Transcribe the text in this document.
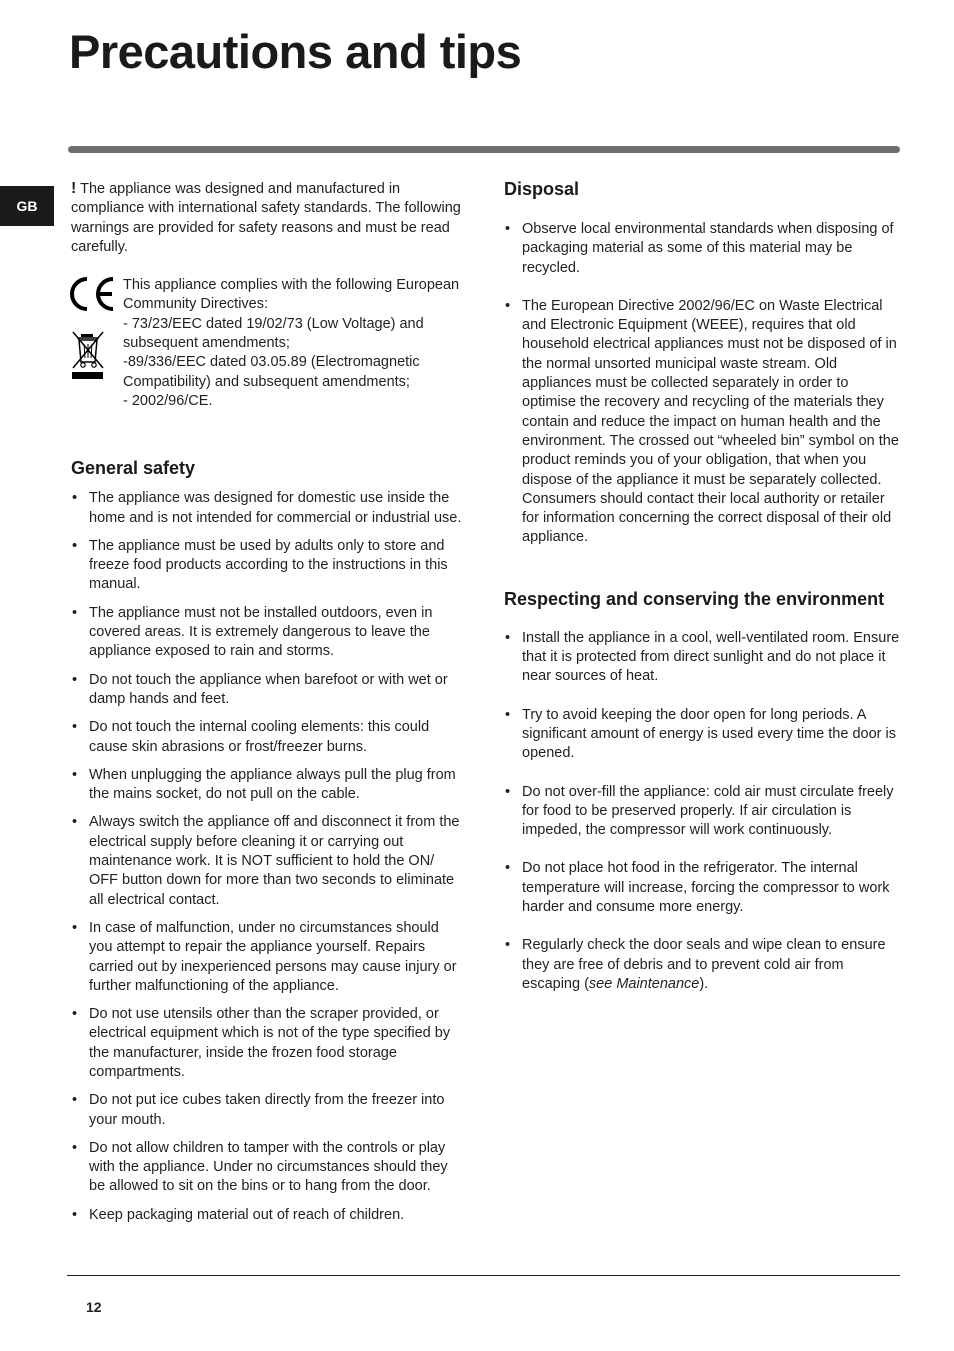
Precautions and tips
GB

! The appliance was designed and manufactured in compliance with international safety standards. The following warnings are provided for safety reasons and must be read carefully.

This appliance complies with the following European Community Directives:
- 73/23/EEC dated 19/02/73 (Low Voltage) and subsequent amendments;
-89/336/EEC dated 03.05.89 (Electromagnetic Compatibility) and subsequent amendments;
- 2002/96/CE.
General safety
• The appliance was designed for domestic use inside the home and is not intended for commercial or industrial use.
• The appliance must be used by adults only to store and freeze food products according to the instructions in this manual.
• The appliance must not be installed outdoors, even in covered areas. It is extremely dangerous to leave the appliance exposed to rain and storms.
• Do not touch the appliance when barefoot or with wet or damp hands and feet.
• Do not touch the internal cooling elements: this could cause skin abrasions or frost/freezer burns.
• When unplugging the appliance always pull the plug from the mains socket, do not pull on the cable.
• Always switch the appliance off and disconnect it from the electrical supply before cleaning it or carrying out maintenance work. It is NOT sufficient to hold the ON/ OFF button down for more than two seconds to eliminate all electrical contact.
• In case of malfunction, under no circumstances should you attempt to repair the appliance yourself. Repairs carried out by inexperienced persons may cause injury or further malfunctioning of the appliance.
• Do not use utensils other than the scraper provided, or electrical equipment which is not of the type specified by the manufacturer, inside the frozen food storage compartments.
• Do not put ice cubes taken directly from the freezer into your mouth.
• Do not allow children to tamper with the controls or play with the appliance. Under no circumstances should they be allowed to sit on the bins or to hang from the door.
• Keep packaging material out of reach of children.
Disposal
• Observe local environmental standards when disposing of packaging material as some of this material may be recycled.
• The European Directive 2002/96/EC on Waste Electrical and Electronic Equipment (WEEE), requires that old household electrical appliances must not be disposed of in the normal unsorted municipal waste stream. Old appliances must be collected separately in order to optimise the recovery and recycling of the materials they contain and reduce the impact on human health and the environment. The crossed out “wheeled bin” symbol on the product reminds you of your obligation, that when you dispose of the appliance it must be separately collected.
Consumers should contact their local authority or retailer for information concerning the correct disposal of their old appliance.
Respecting and conserving the environment
• Install the appliance in a cool, well-ventilated room. Ensure that it is protected from direct sunlight and do not place it near sources of heat.
• Try to avoid keeping the door open for long periods. A significant amount of energy is used every time the door is opened.
• Do not over-fill the appliance: cold air must circulate freely for food to be preserved properly. If air circulation is impeded, the compressor will work continuously.
• Do not place hot food in the refrigerator. The internal temperature will increase, forcing the compressor to work harder and consume more energy.
• Regularly check the door seals and wipe clean to ensure they are free of debris and to prevent cold air from escaping (see Maintenance).
12
